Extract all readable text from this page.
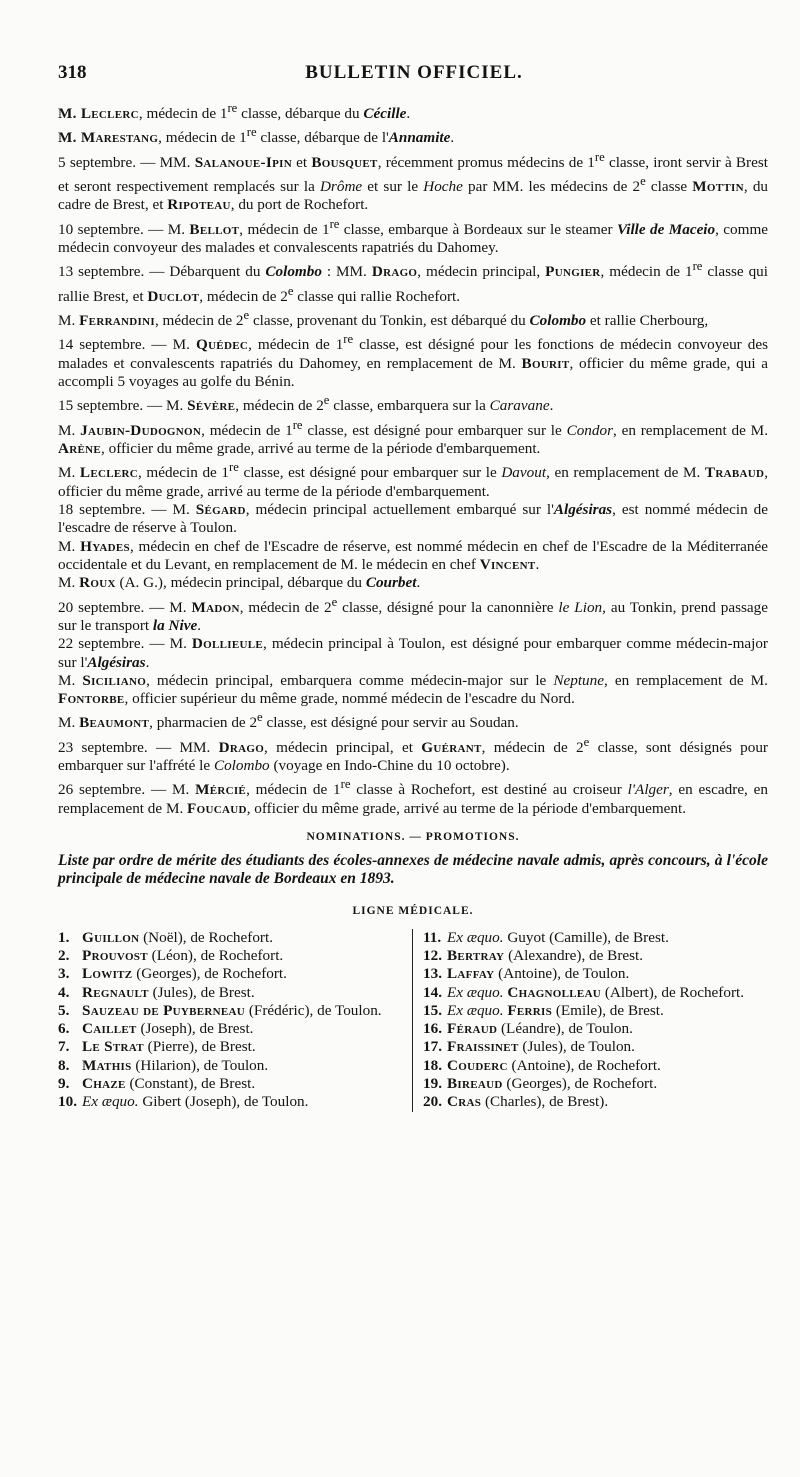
318	BULLETIN OFFICIEL.

M. Leclerc, médecin de 1re classe, débarque du Cécille.

M. Marestang, médecin de 1re classe, débarque de l'Annamite.

5 septembre. — MM. Salanoue-Ipin et Bousquet, récemment promus médecins de 1re classe, iront servir à Brest et seront respectivement remplacés sur la Drôme et sur le Hoche par MM. les médecins de 2e classe Mottin, du cadre de Brest, et Ripoteau, du port de Rochefort.

10 septembre. — M. Bellot, médecin de 1re classe, embarque à Bordeaux sur le steamer Ville de Maceio, comme médecin convoyeur des malades et convalescents rapatriés du Dahomey.

13 septembre. — Débarquent du Colombo : MM. Drago, médecin principal, Pungier, médecin de 1re classe qui rallie Brest, et Duclot, médecin de 2e classe qui rallie Rochefort.

M. Ferrandini, médecin de 2e classe, provenant du Tonkin, est débarqué du Colombo et rallie Cherbourg,

14 septembre. — M. Quédec, médecin de 1re classe, est désigné pour les fonctions de médecin convoyeur des malades et convalescents rapatriés du Dahomey, en remplacement de M. Bourit, officier du même grade, qui a accompli 5 voyages au golfe du Bénin.

15 septembre. — M. Sévère, médecin de 2e classe, embarquera sur la Caravane.

M. Jaubin-Dudognon, médecin de 1re classe, est désigné pour embarquer sur le Condor, en remplacement de M. Arène, officier du même grade, arrivé au terme de la période d'embarquement.

M. Leclerc, médecin de 1re classe, est désigné pour embarquer sur le Davout, en remplacement de M. Trabaud, officier du même grade, arrivé au terme de la période d'embarquement.

18 septembre. — M. Ségard, médecin principal actuellement embarqué sur l'Algésiras, est nommé médecin de l'escadre de réserve à Toulon.

M. Hyades, médecin en chef de l'Escadre de réserve, est nommé médecin en chef de l'Escadre de la Méditerranée occidentale et du Levant, en remplacement de M. le médecin en chef Vincent.

M. Roux (A. G.), médecin principal, débarque du Courbet.

20 septembre. — M. Madon, médecin de 2e classe, désigné pour la canonnière le Lion, au Tonkin, prend passage sur le transport la Nive.

22 septembre. — M. Dollieule, médecin principal à Toulon, est désigné pour embarquer comme médecin-major sur l'Algésiras.

M. Siciliano, médecin principal, embarquera comme médecin-major sur le Neptune, en remplacement de M. Fontorbe, officier supérieur du même grade, nommé médecin de l'escadre du Nord.

M. Beaumont, pharmacien de 2e classe, est désigné pour servir au Soudan.

23 septembre. — MM. Drago, médecin principal, et Guérant, médecin de 2e classe, sont désignés pour embarquer sur l'affrété le Colombo (voyage en Indo-Chine du 10 octobre).

26 septembre. — M. Mércié, médecin de 1re classe à Rochefort, est destiné au croiseur l'Alger, en escadre, en remplacement de M. Foucaud, officier du même grade, arrivé au terme de la période d'embarquement.

NOMINATIONS. — PROMOTIONS.
Liste par ordre de mérite des étudiants des écoles-annexes de médecine navale admis, après concours, à l'école principale de médecine navale de Bordeaux en 1893.
LIGNE MÉDICALE.
1. Guillon (Noël), de Rochefort.
2. Prouvost (Léon), de Rochefort.
3. Lowitz (Georges), de Rochefort.
4. Regnault (Jules), de Brest.
5. Sauzeau de Puyberneau (Frédéric), de Toulon.
6. Caillet (Joseph), de Brest.
7. Le Strat (Pierre), de Brest.
8. Mathis (Hilarion), de Toulon.
9. Chaze (Constant), de Brest.
10. Ex æquo. Gibert (Joseph), de Toulon.
11. Ex æquo. Guyot (Camille), de Brest.
12. Bertray (Alexandre), de Brest.
13. Laffay (Antoine), de Toulon.
14. Ex æquo. Chagnolleau (Albert), de Rochefort.
15. Ex æquo. Ferris (Emile), de Brest.
16. Féraud (Léandre), de Toulon.
17. Fraissinet (Jules), de Toulon.
18. Couderc (Antoine), de Rochefort.
19. Bireaud (Georges), de Rochefort.
20. Cras (Charles), de Brest).
